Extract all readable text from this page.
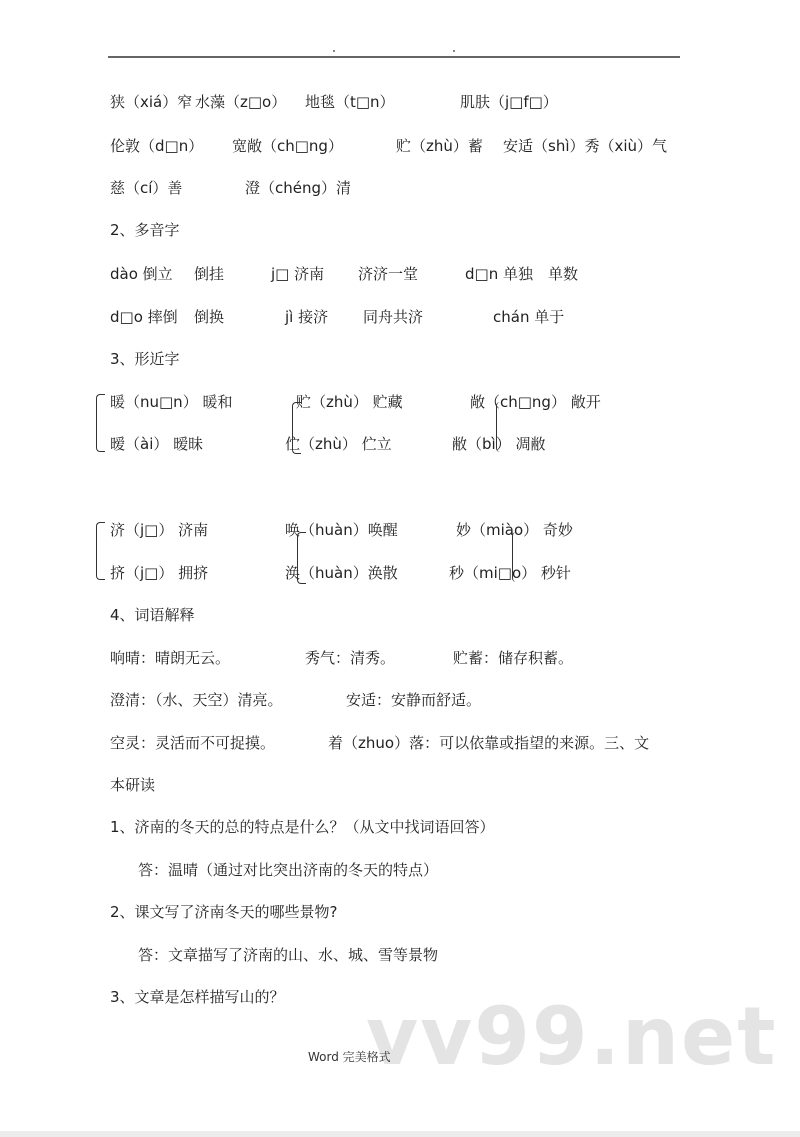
狭（xiá）窄 水藻（z□o） 地毯（t□n）	肌肤（j□f□）
伦敦（d□n） 宽敞（ch□ng）	贮（zhù）蓄 安适（shì）秀（xiù）气
慈（cí）善	澄（chéng）清
2、多音字
dào 倒立 倒挂	j□ 济南 济济一堂	d□n 单独 单数
d□o 摔倒 倒换	jì 接济 同舟共济	chán 单于
3、形近字
暖（nu□n） 暖和	贮（zhù） 贮藏	敞（ch□ng） 敞开
暧（ài） 暧昧	伫（zhù） 伫立	敝（bì） 凋敝
济（j□） 济南	唤（huàn）唤醒	妙（miào） 奇妙
挤（j□） 拥挤	涣（huàn）涣散	秒（mi□o） 秒针
4、词语解释
响晴：晴朗无云。	秀气：清秀。	贮蓄：储存积蓄。
澄清：（水、天空）清亮。	安适：安静而舒适。
空灵：灵活而不可捉摸。	着（zhuo）落：可以依靠或指望的来源。三、文
本研读
1、济南的冬天的总的特点是什么？（从文中找词语回答）
答：温晴（通过对比突出济南的冬天的特点）
2、课文写了济南冬天的哪些景物?
答：文章描写了济南的山、水、城、雪等景物
3、文章是怎样描写山的？ vv99.net
Word 完美格式
